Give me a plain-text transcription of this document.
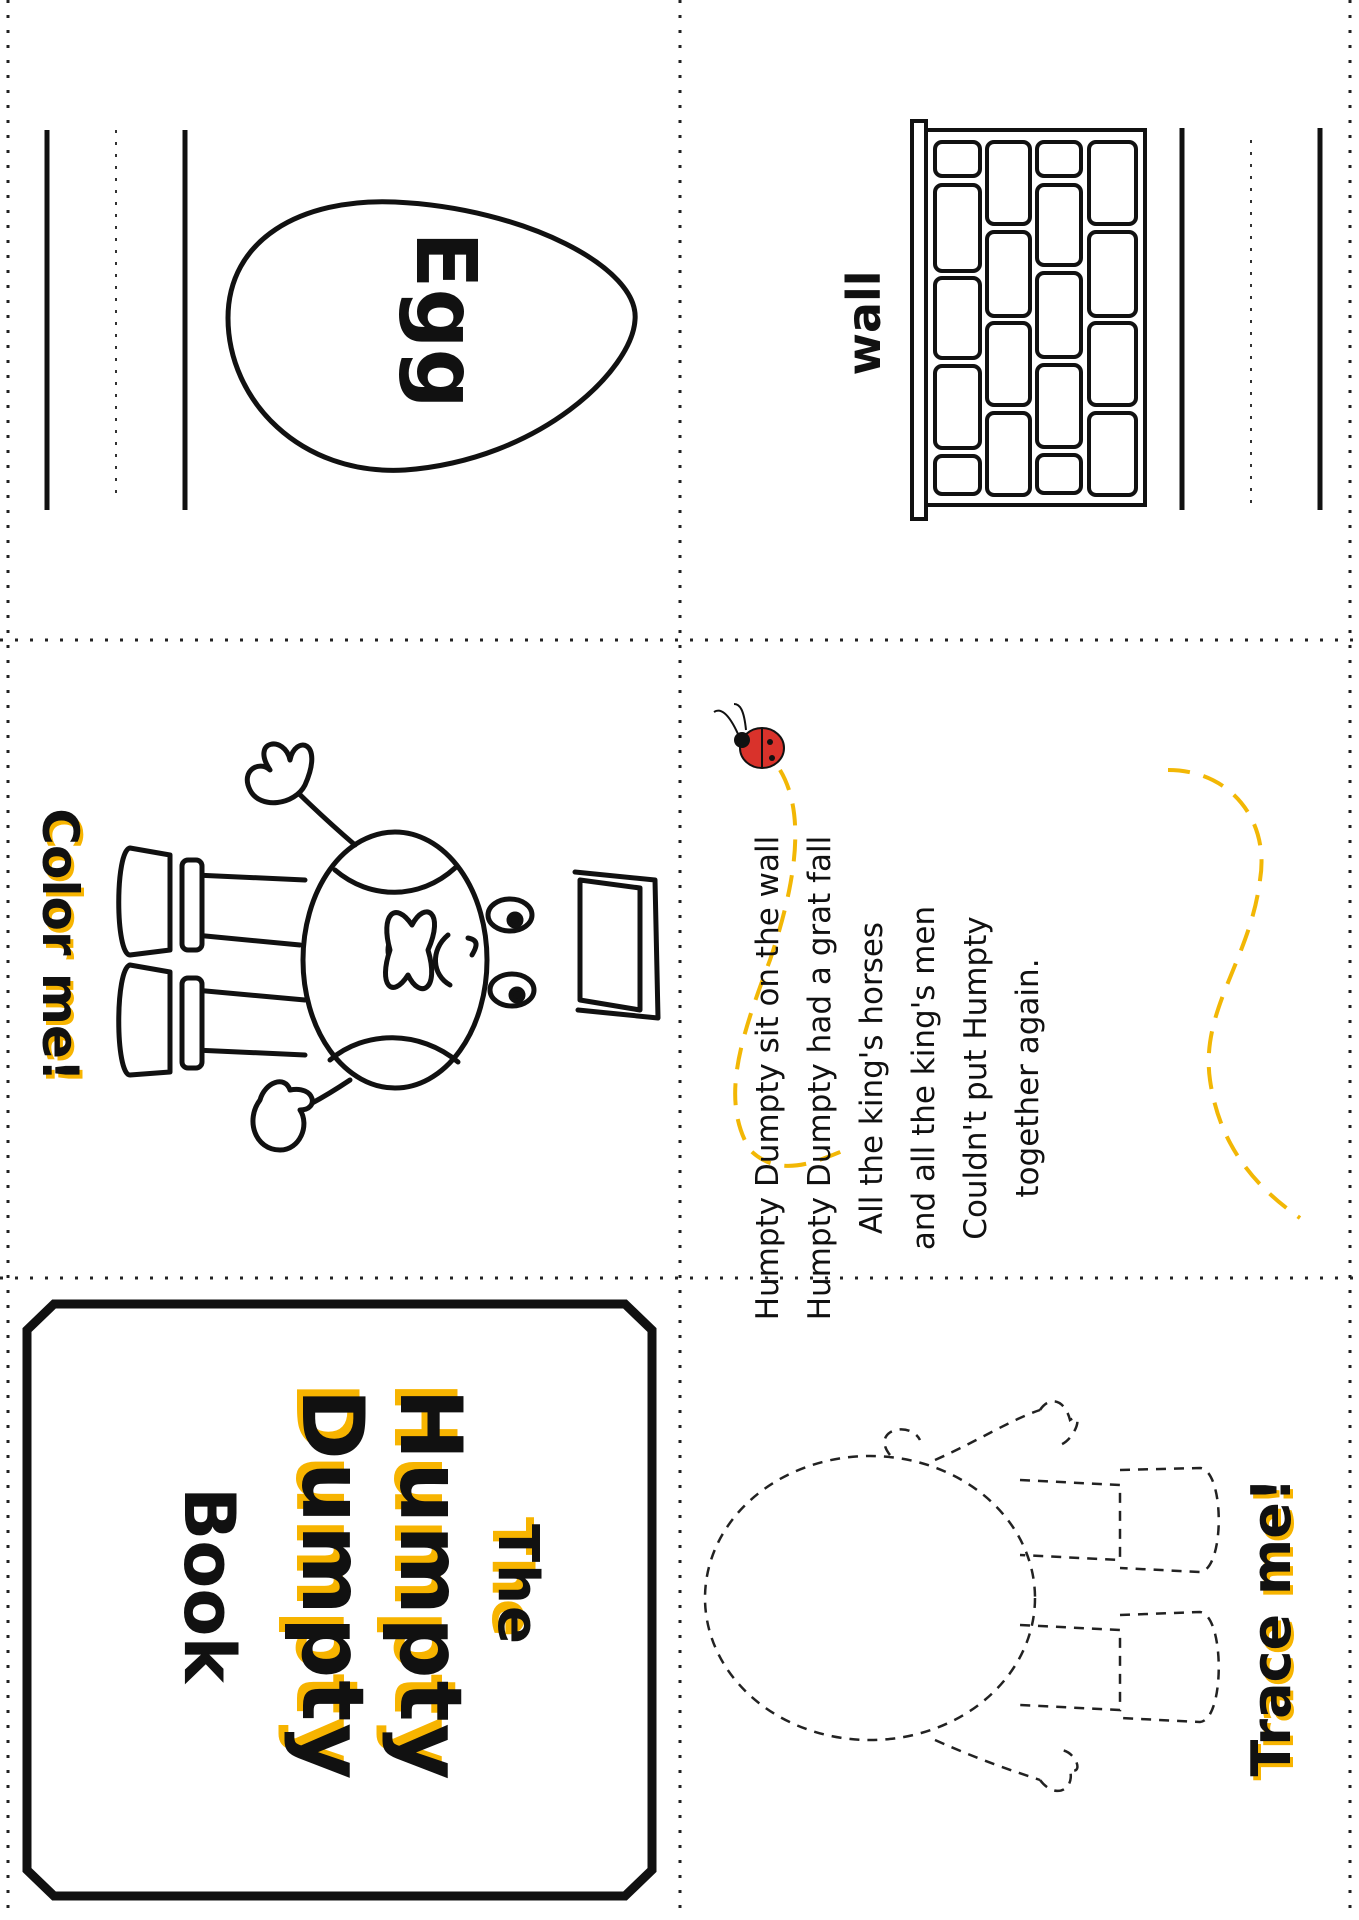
Egg	wall
Color me!
Trace me!
Humpty Dumpty sit on the wall Humpty Dumpty had a grat fall All the king's horses and all the king's men Couldn't put Humpty together again.
The
Humpty
Dumpty
Book
